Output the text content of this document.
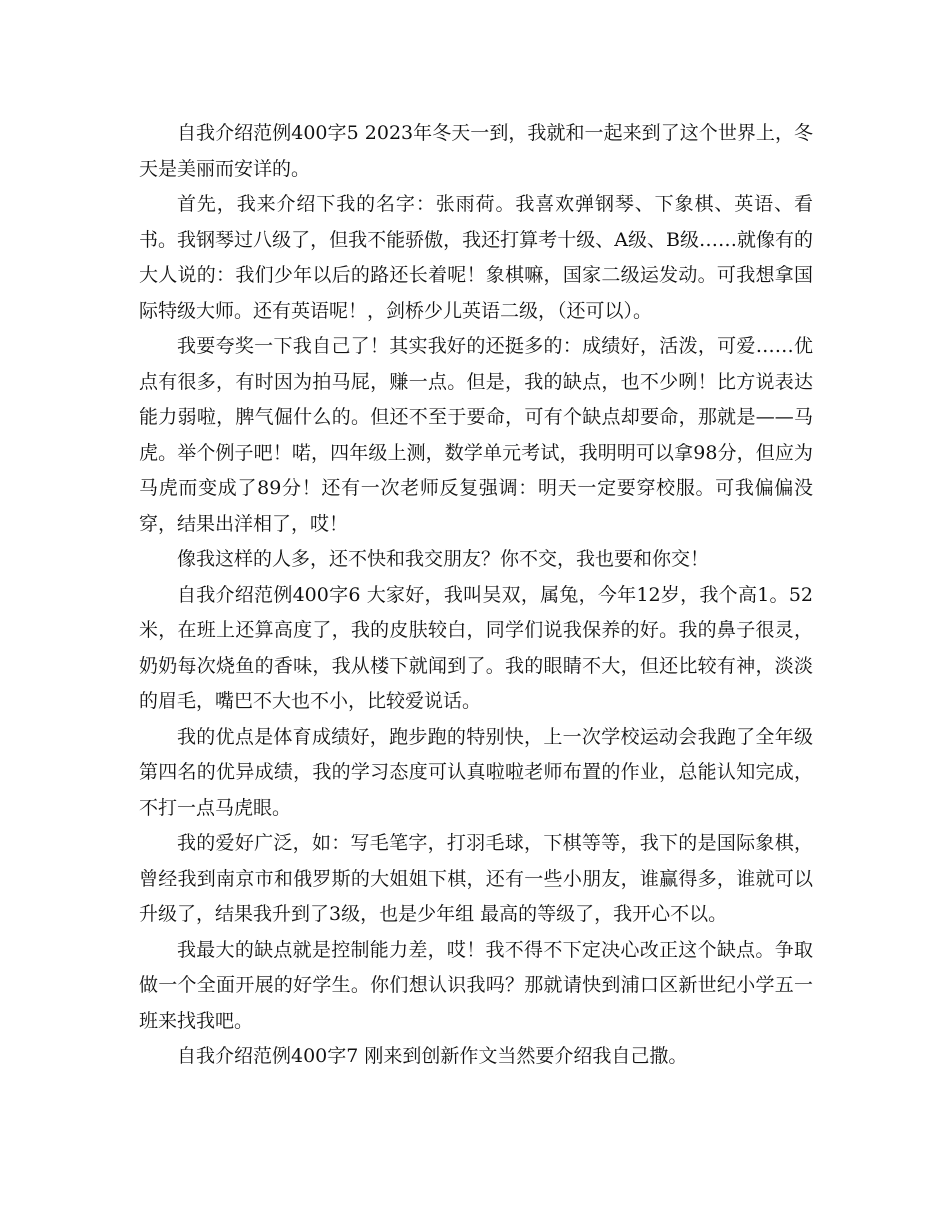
自我介绍范例400字5 2023年冬天一到，我就和一起来到了这个世界上，冬天是美丽而安详的。

首先，我来介绍下我的名字：张雨荷。我喜欢弹钢琴、下象棋、英语、看书。我钢琴过八级了，但我不能骄傲，我还打算考十级、A级、B级……就像有的大人说的：我们少年以后的路还长着呢！象棋嘛，国家二级运发动。可我想拿国际特级大师。还有英语呢！，剑桥少儿英语二级，（还可以）。

我要夸奖一下我自己了！其实我好的还挺多的：成绩好，活泼，可爱……优点有很多，有时因为拍马屁，赚一点。但是，我的缺点，也不少咧！比方说表达能力弱啦，脾气倔什么的。但还不至于要命，可有个缺点却要命，那就是——马虎。举个例子吧！喏，四年级上测，数学单元考试，我明明可以拿98分，但应为马虎而变成了89分！还有一次老师反复强调：明天一定要穿校服。可我偏偏没穿，结果出洋相了，哎！

像我这样的人多，还不快和我交朋友？你不交，我也要和你交！

自我介绍范例400字6 大家好，我叫吴双，属兔，今年12岁，我个高1。52米，在班上还算高度了，我的皮肤较白，同学们说我保养的好。我的鼻子很灵，奶奶每次烧鱼的香味，我从楼下就闻到了。我的眼睛不大，但还比较有神，淡淡的眉毛，嘴巴不大也不小，比较爱说话。

我的优点是体育成绩好，跑步跑的特别快，上一次学校运动会我跑了全年级第四名的优异成绩，我的学习态度可认真啦啦老师布置的作业，总能认知完成，不打一点马虎眼。

我的爱好广泛，如：写毛笔字，打羽毛球，下棋等等，我下的是国际象棋，曾经我到南京市和俄罗斯的大姐姐下棋，还有一些小朋友，谁赢得多，谁就可以升级了，结果我升到了3级，也是少年组 最高的等级了，我开心不以。

我最大的缺点就是控制能力差，哎！我不得不下定决心改正这个缺点。争取做一个全面开展的好学生。你们想认识我吗？那就请快到浦口区新世纪小学五一班来找我吧。

自我介绍范例400字7 刚来到创新作文当然要介绍我自己撒。
